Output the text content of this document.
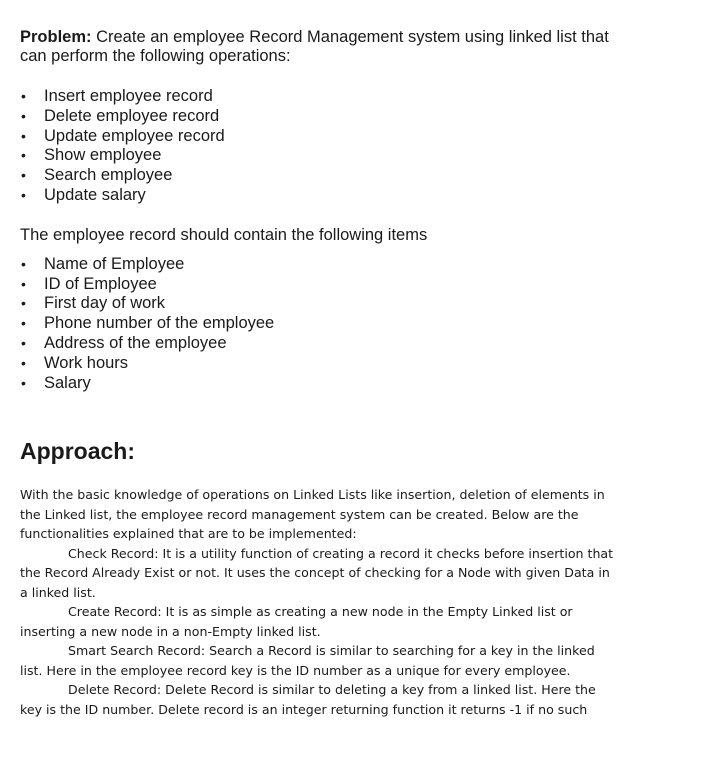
Problem: Create an employee Record Management system using linked list that can perform the following operations:

• Insert employee record
• Delete employee record
• Update employee record
• Show employee
• Search employee
• Update salary
The employee record should contain the following items
• Name of Employee
• ID of Employee
• First day of work
• Phone number of the employee
• Address of the employee
• Work hours
• Salary
Approach:

With the basic knowledge of operations on Linked Lists like insertion, deletion of elements in the Linked list, the employee record management system can be created. Below are the functionalities explained that are to be implemented:

Check Record: It is a utility function of creating a record it checks before insertion that the Record Already Exist or not. It uses the concept of checking for a Node with given Data in a linked list.

Create Record: It is as simple as creating a new node in the Empty Linked list or inserting a new node in a non-Empty linked list.

Smart Search Record: Search a Record is similar to searching for a key in the linked list. Here in the employee record key is the ID number as a unique for every employee.

Delete Record: Delete Record is similar to deleting a key from a linked list. Here the key is the ID number. Delete record is an integer returning function it returns -1 if no such
